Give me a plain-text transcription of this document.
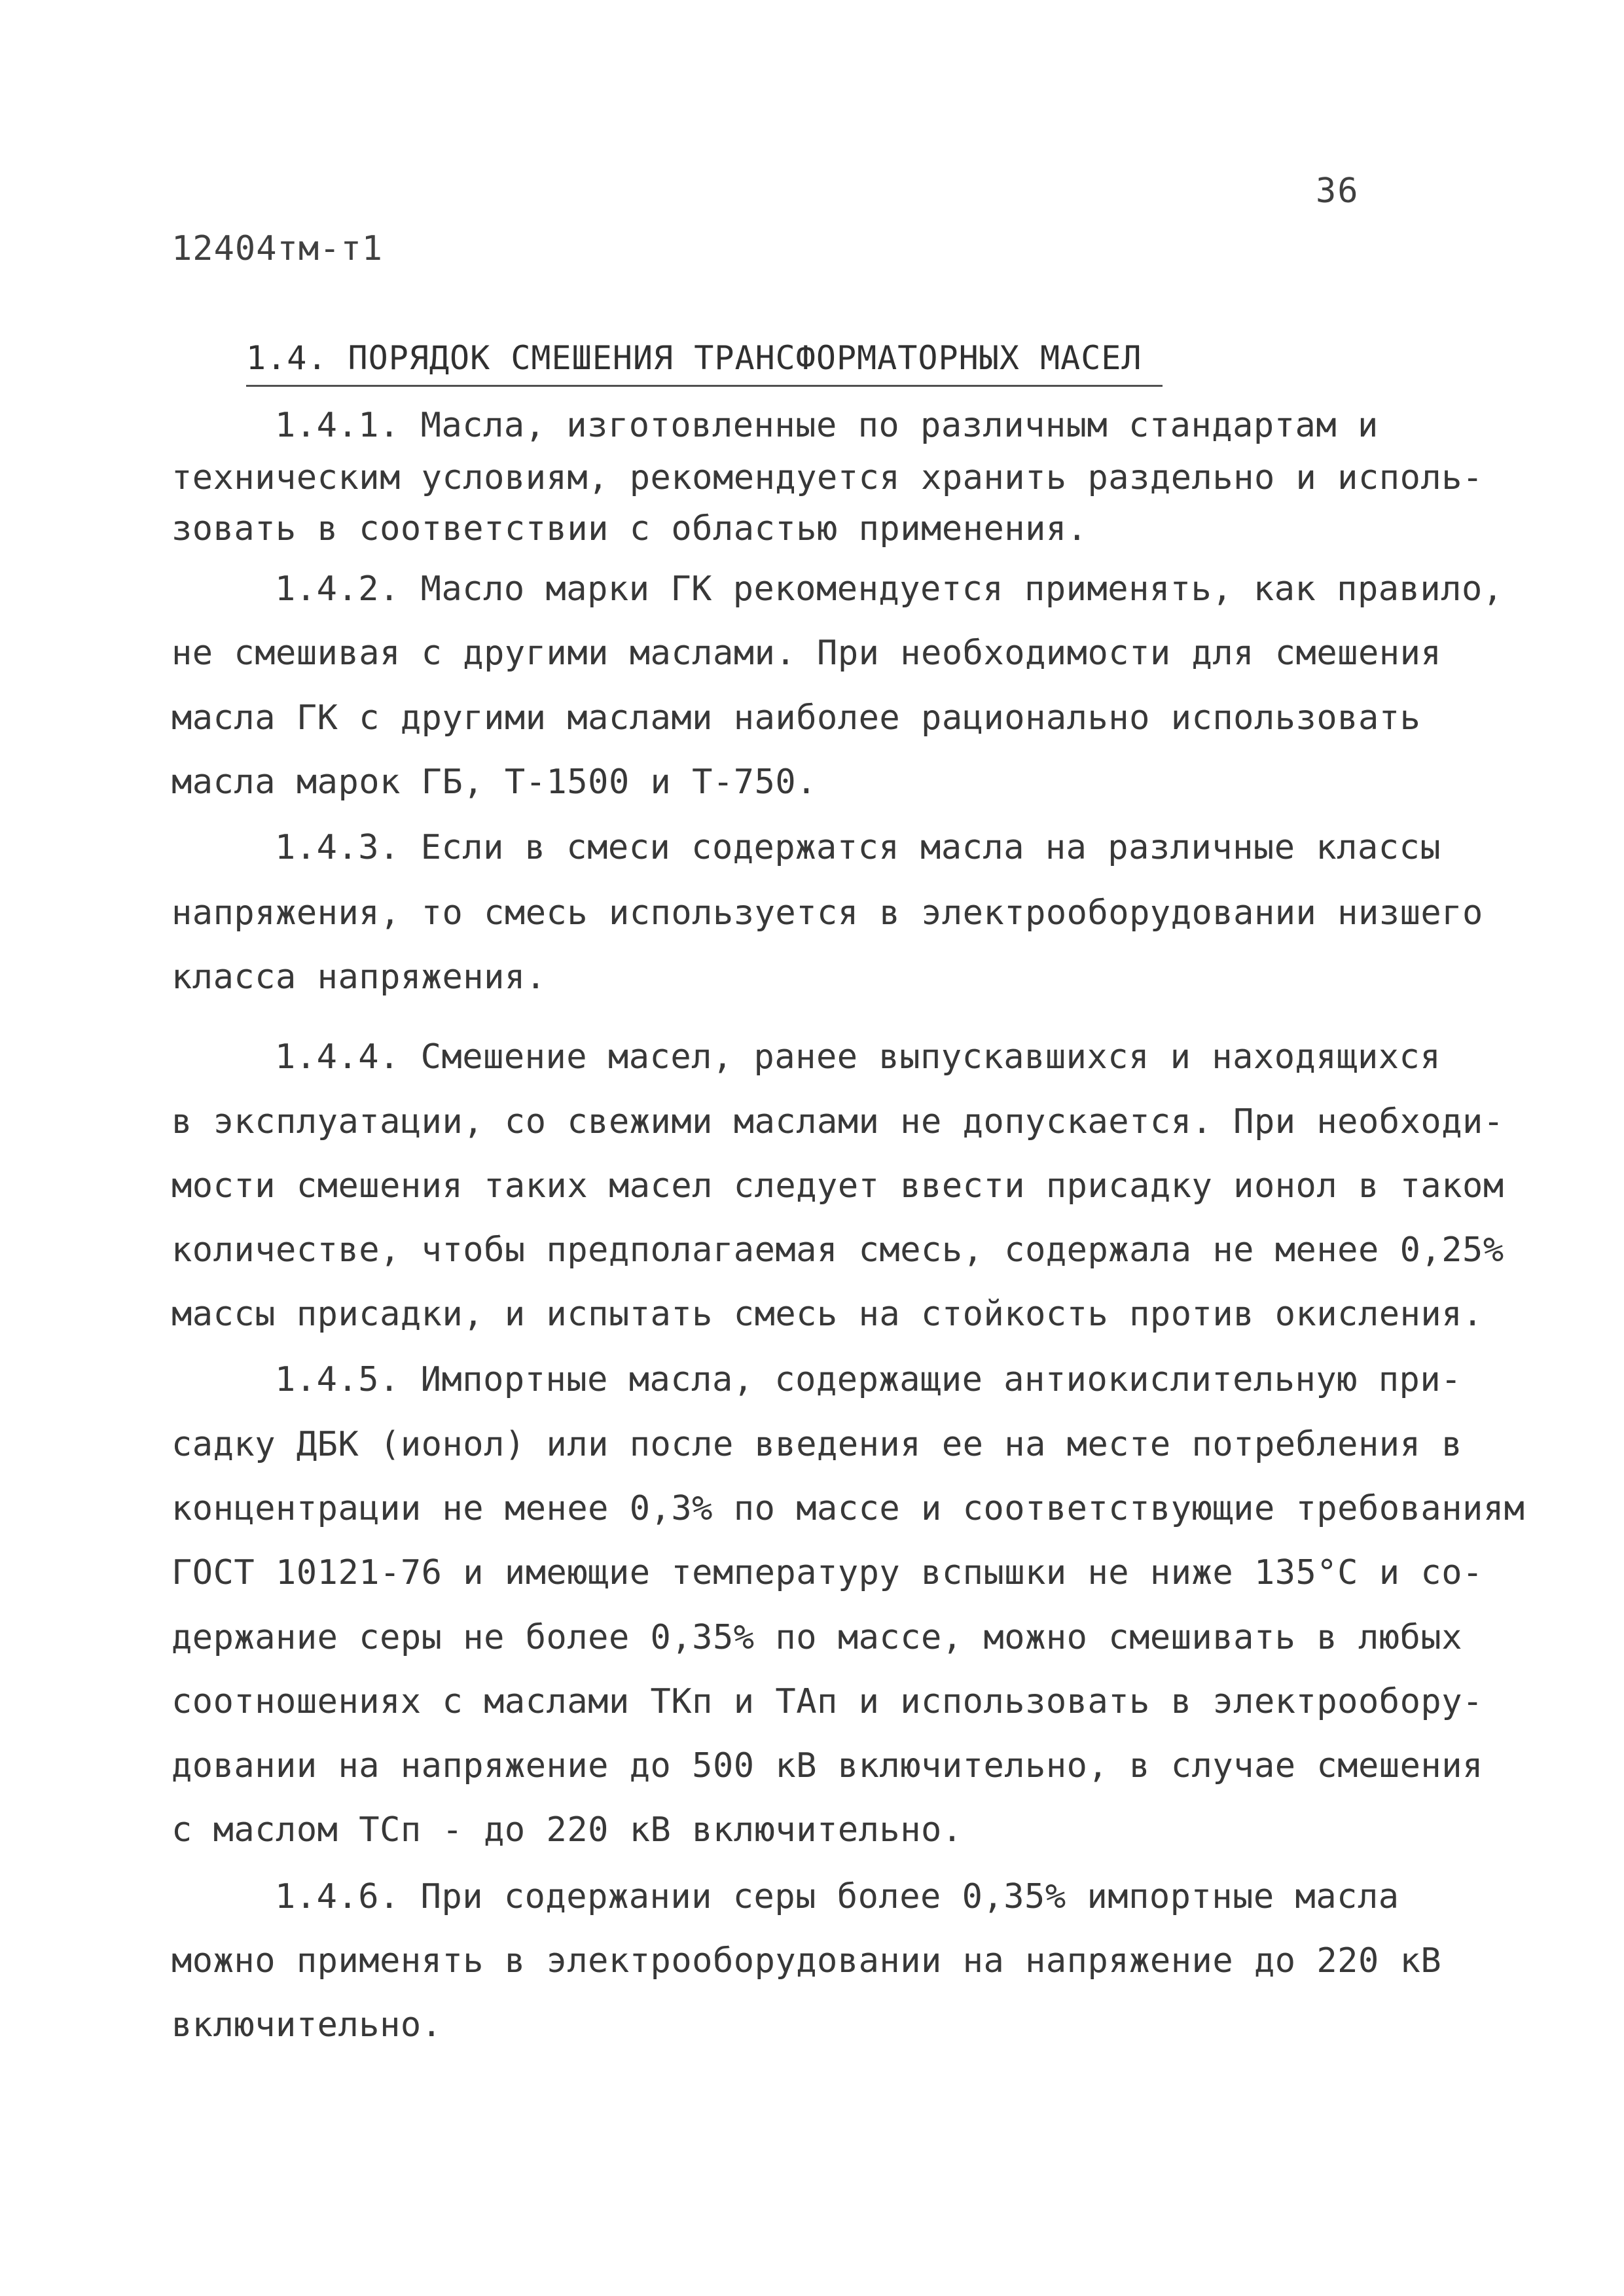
36
12404тм-т1
1.4. ПОРЯДОК СМЕШЕНИЯ ТРАНСФОРМАТОРНЫХ МАСЕЛ
1.4.1. Масла, изготовленные по различным стандартам и
техническим условиям, рекомендуется хранить раздельно и исполь-
зовать в соответствии с областью применения.
1.4.2. Масло марки ГК рекомендуется применять, как правило,
не смешивая с другими маслами. При необходимости для смешения
масла ГК с другими маслами наиболее рационально использовать
масла марок ГБ, Т-1500 и Т-750.
1.4.3. Если в смеси содержатся масла на различные классы
напряжения, то смесь используется в электрооборудовании низшего
класса напряжения.
1.4.4. Смешение масел, ранее выпускавшихся и находящихся
в эксплуатации, со свежими маслами не допускается. При необходи-
мости смешения таких масел следует ввести присадку ионол в таком
количестве, чтобы предполагаемая смесь, содержала не менее 0,25%
массы присадки, и испытать смесь на стойкость против окисления.
1.4.5. Импортные масла, содержащие антиокислительную при-
садку ДБК (ионол) или после введения ее на месте потребления в
концентрации не менее 0,3% по массе и соответствующие требованиям
ГОСТ 10121-76 и имеющие температуру вспышки не ниже 135°С и со-
держание серы не более 0,35% по массе, можно смешивать в любых
соотношениях с маслами ТКп и ТАп и использовать в электрообору-
довании на напряжение до 500 кВ включительно, в случае смешения
с маслом ТСп - до 220 кВ включительно.
1.4.6. При содержании серы более 0,35% импортные масла
можно применять в электрооборудовании на напряжение до 220 кВ
включительно.
